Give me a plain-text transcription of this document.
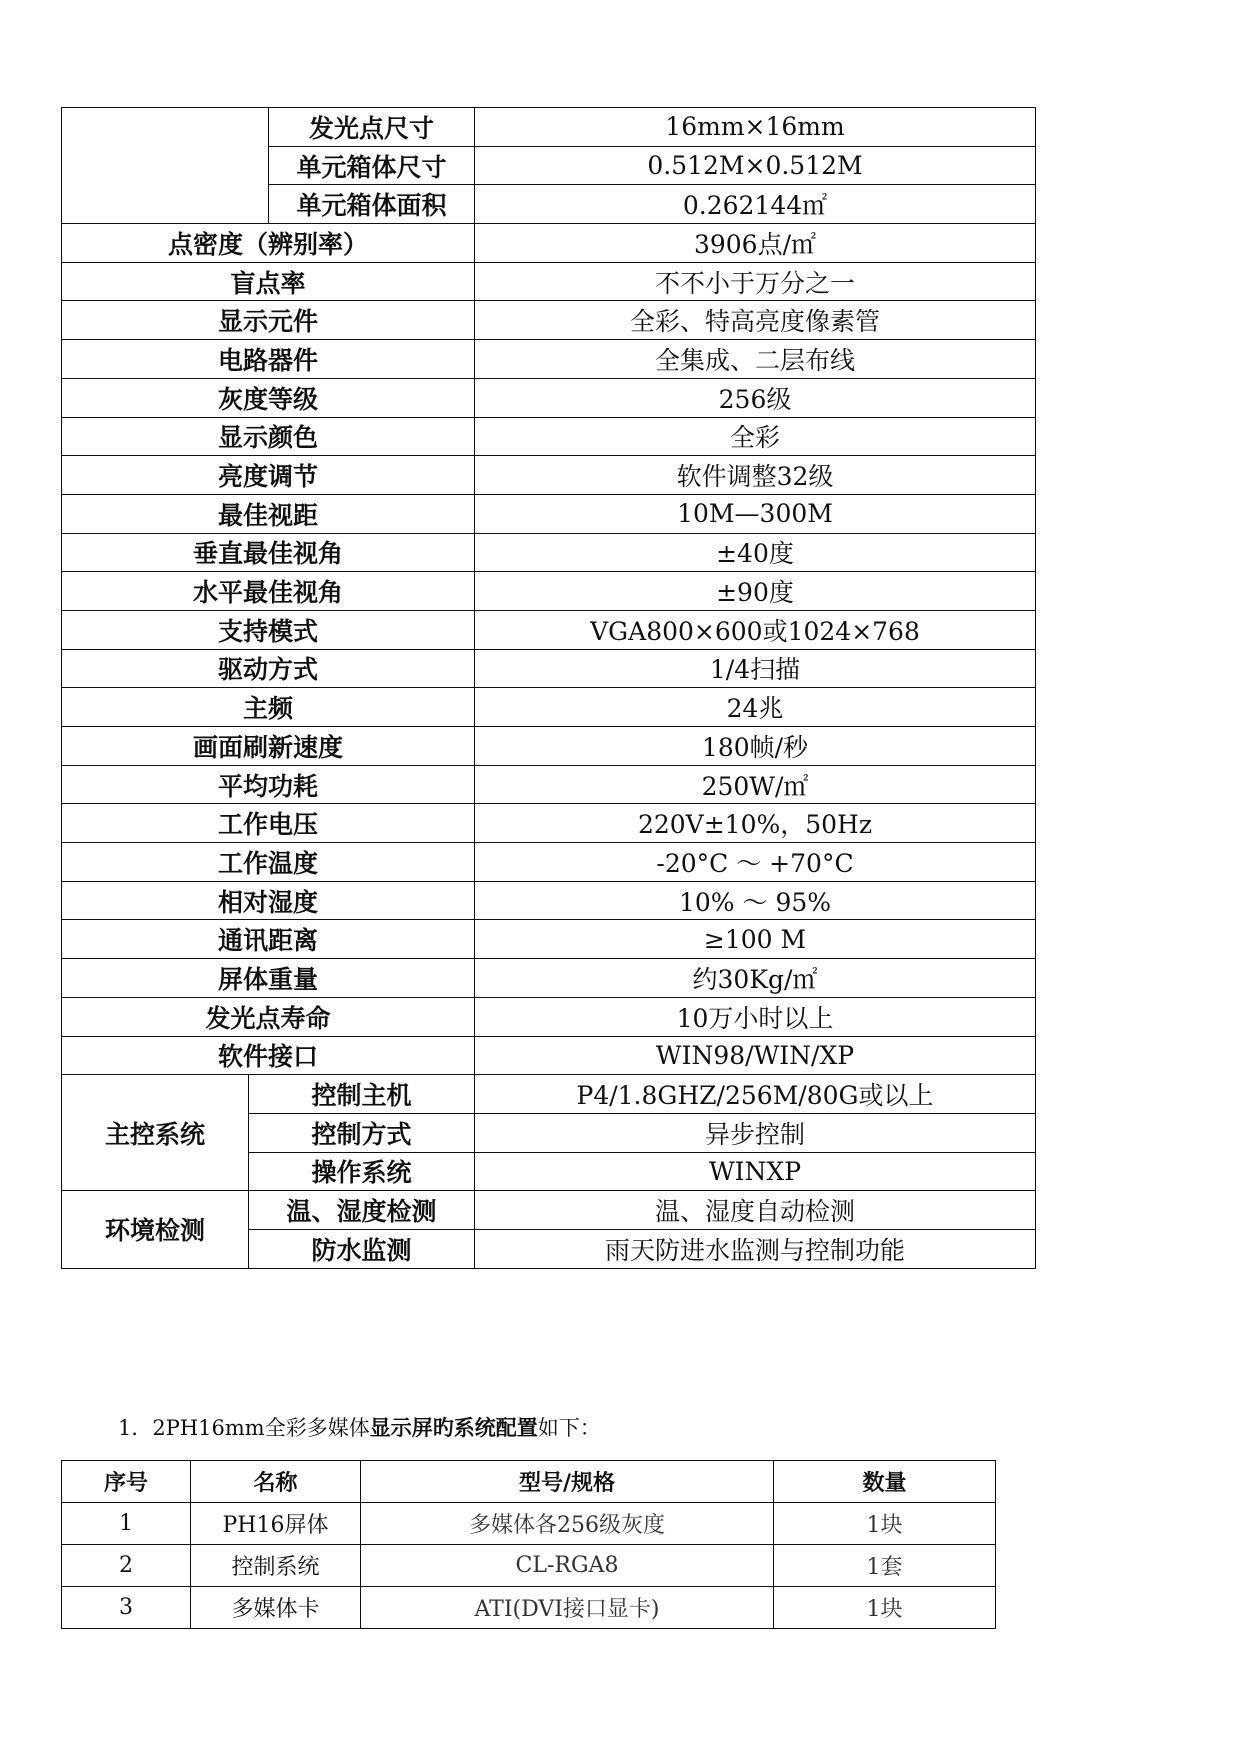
		发光点尺寸	16mm×16mm
		单元箱体尺寸	0.512M×0.512M
		单元箱体面积	0.262144㎡
点密度（辨别率）			3906点/㎡
盲点率			不不小于万分之一
显示元件			全彩、特高亮度像素管
电路器件			全集成、二层布线
灰度等级			256级
显示颜色			全彩
亮度调节			软件调整32级
最佳视距			10M—300M
垂直最佳视角			±40度
水平最佳视角			±90度
支持模式			VGA800×600或1024×768
驱动方式			1/4扫描
主频			24兆
画面刷新速度			180帧/秒
平均功耗			250W/㎡
工作电压			220V±10%，50Hz
工作温度			-20°C ～ +70°C
相对湿度			10% ～ 95%
通讯距离			≥100 M
屏体重量			约30Kg/㎡
发光点寿命			10万小时以上
软件接口			WIN98/WIN/XP
主控系统	控制主机		P4/1.8GHZ/256M/80G或以上
	控制方式		异步控制
	操作系统		WINXP
环境检测	温、湿度检测		温、湿度自动检测
	防水监测		雨天防进水监测与控制功能
1．2PH16mm全彩多媒体显示屏旳系统配置如下：
序号	名称	型号/规格	数量
1	PH16屏体	多媒体各256级灰度	1块
2	控制系统	CL-RGA8	1套
3	多媒体卡	ATI(DVI接口显卡)	1块
